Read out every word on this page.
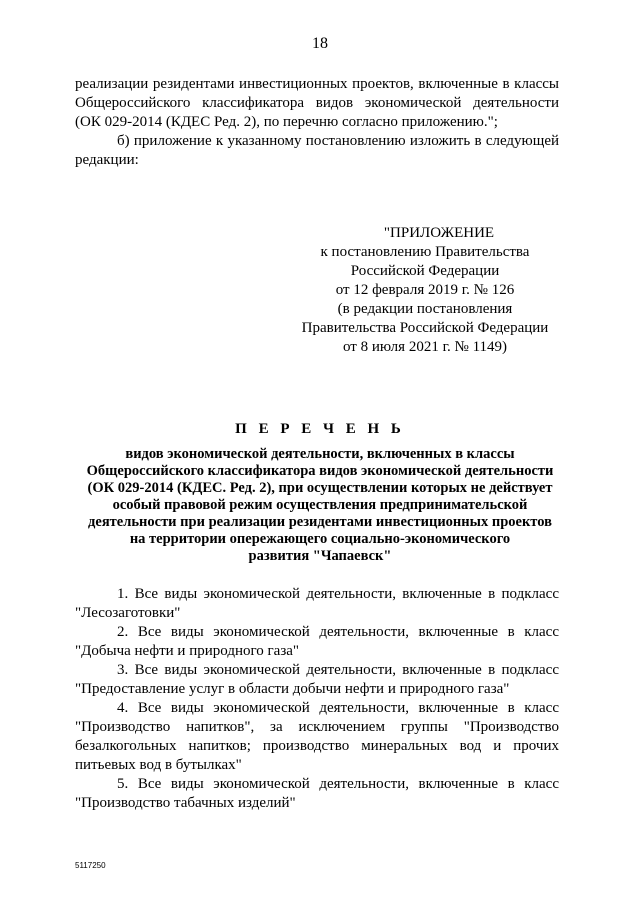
18
реализации резидентами инвестиционных проектов, включенные в классы
Общероссийского классификатора видов экономической деятельности
(ОК 029-2014 (КДЕС Ред. 2), по перечню согласно приложению.";
б) приложение к указанному постановлению изложить в следующей
редакции:
"ПРИЛОЖЕНИЕ
к постановлению Правительства
Российской Федерации
от 12 февраля 2019 г. № 126
(в редакции постановления
Правительства Российской Федерации
от 8 июля 2021 г. № 1149)
П Е Р Е Ч Е Н Ь
видов экономической деятельности, включенных в классы
Общероссийского классификатора видов экономической деятельности
(ОК 029-2014 (КДЕС. Ред. 2), при осуществлении которых не действует
особый правовой режим осуществления предпринимательской
деятельности при реализации резидентами инвестиционных проектов
на территории опережающего социально-экономического
развития "Чапаевск"
1. Все виды экономической деятельности, включенные в подкласс
"Лесозаготовки"
2. Все виды экономической деятельности, включенные в класс
"Добыча нефти и природного газа"
3. Все виды экономической деятельности, включенные в подкласс
"Предоставление услуг в области добычи нефти и природного газа"
4. Все виды экономической деятельности, включенные в класс
"Производство напитков", за исключением группы "Производство
безалкогольных напитков; производство минеральных вод и прочих
питьевых вод в бутылках"
5. Все виды экономической деятельности, включенные в класс
"Производство табачных изделий"
5117250
